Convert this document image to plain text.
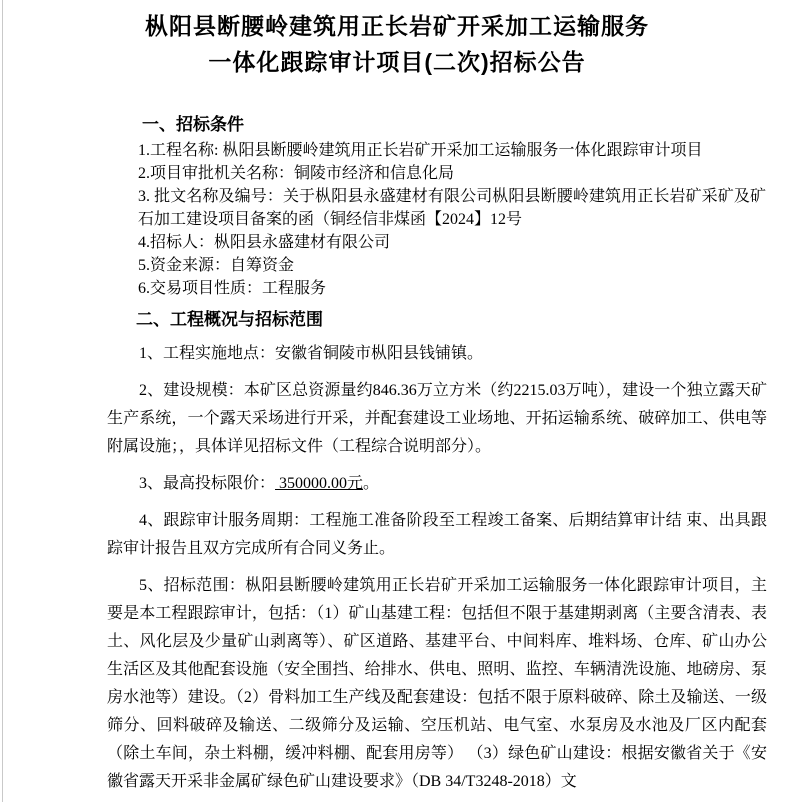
枞阳县断腰岭建筑用正长岩矿开采加工运输服务
一体化跟踪审计项目(二次)招标公告
一、招标条件
1.工程名称: 枞阳县断腰岭建筑用正长岩矿开采加工运输服务一体化跟踪审计项目
2.项目审批机关名称：铜陵市经济和信息化局
3. 批文名称及编号：关于枞阳县永盛建材有限公司枞阳县断腰岭建筑用正长岩矿采矿及矿石加工建设项目备案的函（铜经信非煤函【2024】12号
4.招标人：枞阳县永盛建材有限公司
5.资金来源：自筹资金
6.交易项目性质：工程服务
二、工程概况与招标范围
1、工程实施地点：安徽省铜陵市枞阳县钱铺镇。
2、建设规模：本矿区总资源量约846.36万立方米（约2215.03万吨），建设一个独立露天矿生产系统，一个露天采场进行开采，并配套建设工业场地、开拓运输系统、破碎加工、供电等附属设施；，具体详见招标文件（工程综合说明部分）。
3、最高投标限价： 350000.00元。
4、跟踪审计服务周期：工程施工准备阶段至工程竣工备案、后期结算审计结 束、出具跟踪审计报告且双方完成所有合同义务止。
5、招标范围：枞阳县断腰岭建筑用正长岩矿开采加工运输服务一体化跟踪审计项目，主要是本工程跟踪审计，包括：（1）矿山基建工程：包括但不限于基建期剥离（主要含清表、表土、风化层及少量矿山剥离等）、矿区道路、基建平台、中间料库、堆料场、仓库、矿山办公生活区及其他配套设施（安全围挡、给排水、供电、照明、监控、车辆清洗设施、地磅房、泵房水池等）建设。（2）骨料加工生产线及配套建设：包括不限于原料破碎、除土及输送、一级筛分、回料破碎及输送、二级筛分及运输、空压机站、电气室、水泵房及水池及厂区内配套（除土车间，杂土料棚，缓冲料棚、配套用房等） （3）绿色矿山建设：根据安徽省关于《安徽省露天开采非金属矿绿色矿山建设要求》（DB 34/T3248-2018）文
